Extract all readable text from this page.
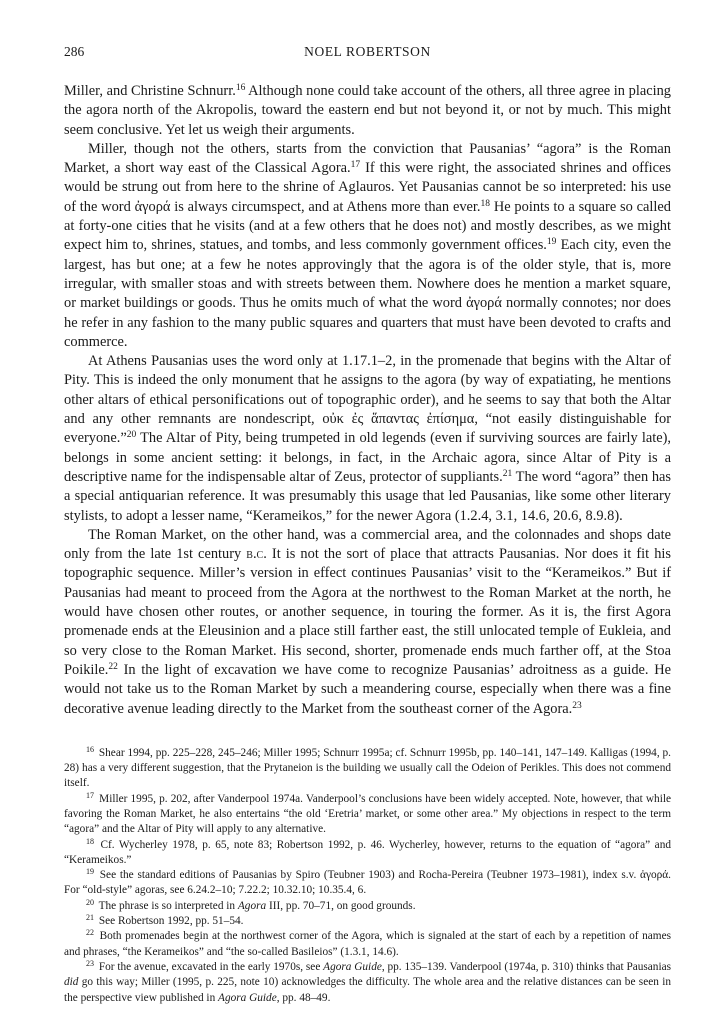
286	NOEL ROBERTSON

Miller, and Christine Schnurr.$^{16}$ Although none could take account of the others, all three agree in placing the agora north of the Akropolis, toward the eastern end but not beyond it, or not by much. This might seem conclusive. Yet let us weigh their arguments.

Miller, though not the others, starts from the conviction that Pausanias’ “agora” is the Roman Market, a short way east of the Classical Agora.$^{17}$ If this were right, the associated shrines and offices would be strung out from here to the shrine of Aglauros. Yet Pausanias cannot be so interpreted: his use of the word ἀγορά is always circumspect, and at Athens more than ever.$^{18}$ He points to a square so called at forty-one cities that he visits (and at a few others that he does not) and mostly describes, as we might expect him to, shrines, statues, and tombs, and less commonly government offices.$^{19}$ Each city, even the largest, has but one; at a few he notes approvingly that the agora is of the older style, that is, more irregular, with smaller stoas and with streets between them. Nowhere does he mention a market square, or market buildings or goods. Thus he omits much of what the word ἀγορά normally connotes; nor does he refer in any fashion to the many public squares and quarters that must have been devoted to crafts and commerce.

At Athens Pausanias uses the word only at 1.17.1–2, in the promenade that begins with the Altar of Pity. This is indeed the only monument that he assigns to the agora (by way of expatiating, he mentions other altars of ethical personifications out of topographic order), and he seems to say that both the Altar and any other remnants are nondescript, οὐκ ἐς ἅπαντας ἐπίσημα, “not easily distinguishable for everyone.”$^{20}$ The Altar of Pity, being trumpeted in old legends (even if surviving sources are fairly late), belongs in some ancient setting: it belongs, in fact, in the Archaic agora, since Altar of Pity is a descriptive name for the indispensable altar of Zeus, protector of suppliants.$^{21}$ The word “agora” then has a special antiquarian reference. It was presumably this usage that led Pausanias, like some other literary stylists, to adopt a lesser name, “Kerameikos,” for the newer Agora (1.2.4, 3.1, 14.6, 20.6, 8.9.8).

The Roman Market, on the other hand, was a commercial area, and the colonnades and shops date only from the late 1st century b.c. It is not the sort of place that attracts Pausanias. Nor does it fit his topographic sequence. Miller’s version in effect continues Pausanias’ visit to the “Kerameikos.” But if Pausanias had meant to proceed from the Agora at the northwest to the Roman Market at the north, he would have chosen other routes, or another sequence, in touring the former. As it is, the first Agora promenade ends at the Eleusinion and a place still farther east, the still unlocated temple of Eukleia, and so very close to the Roman Market. His second, shorter, promenade ends much farther off, at the Stoa Poikile.$^{22}$ In the light of excavation we have come to recognize Pausanias’ adroitness as a guide. He would not take us to the Roman Market by such a meandering course, especially when there was a fine decorative avenue leading directly to the Market from the southeast corner of the Agora.$^{23}$

$^{16}$ Shear 1994, pp. 225–228, 245–246; Miller 1995; Schnurr 1995a; cf. Schnurr 1995b, pp. 140–141, 147–149. Kalligas (1994, p. 28) has a very different suggestion, that the Prytaneion is the building we usually call the Odeion of Perikles. This does not commend itself.

$^{17}$ Miller 1995, p. 202, after Vanderpool 1974a. Vanderpool’s conclusions have been widely accepted. Note, however, that while favoring the Roman Market, he also entertains “the old ‘Eretria’ market, or some other area.” My objections in respect to the term “agora” and the Altar of Pity will apply to any alternative.

$^{18}$ Cf. Wycherley 1978, p. 65, note 83; Robertson 1992, p. 46. Wycherley, however, returns to the equation of “agora” and “Kerameikos.”

$^{19}$ See the standard editions of Pausanias by Spiro (Teubner 1903) and Rocha-Pereira (Teubner 1973–1981), index s.v. ἀγορά. For “old-style” agoras, see 6.24.2–10; 7.22.2; 10.32.10; 10.35.4, 6.

$^{20}$ The phrase is so interpreted in Agora III, pp. 70–71, on good grounds.

$^{21}$ See Robertson 1992, pp. 51–54.

$^{22}$ Both promenades begin at the northwest corner of the Agora, which is signaled at the start of each by a repetition of names and phrases, “the Kerameikos” and “the so-called Basileios” (1.3.1, 14.6).

$^{23}$ For the avenue, excavated in the early 1970s, see Agora Guide, pp. 135–139. Vanderpool (1974a, p. 310) thinks that Pausanias did go this way; Miller (1995, p. 225, note 10) acknowledges the difficulty. The whole area and the relative distances can be seen in the perspective view published in Agora Guide, pp. 48–49.
